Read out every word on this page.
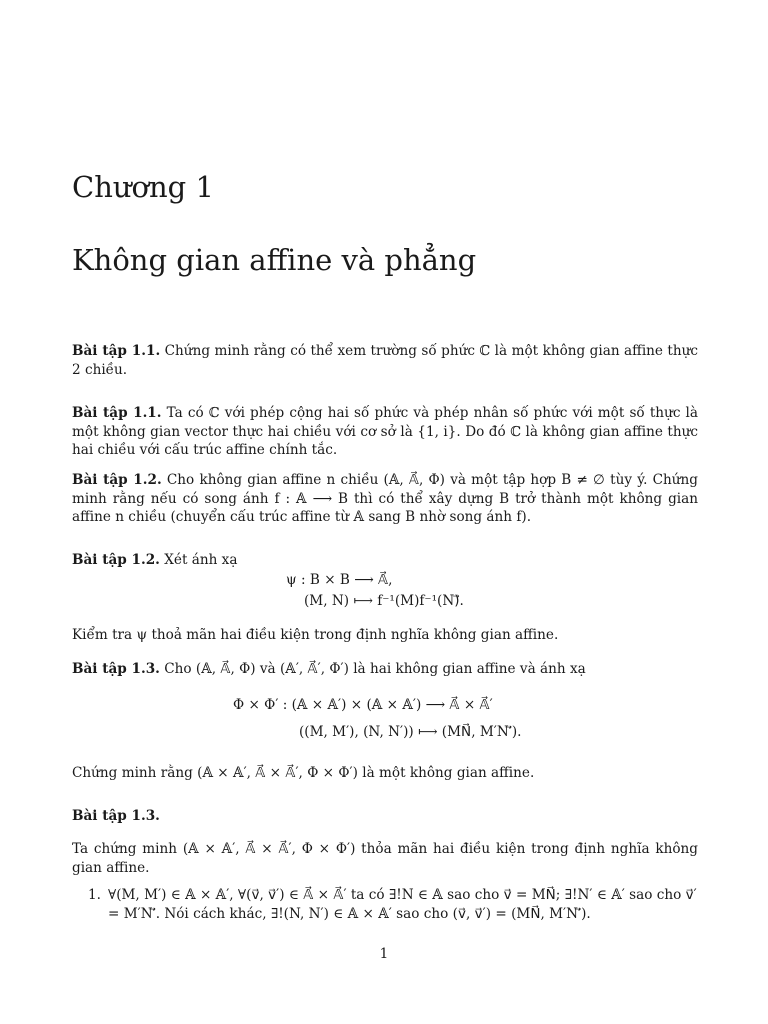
Chương 1
Không gian affine và phẳng
Bài tập 1.1. Chứng minh rằng có thể xem trường số phức ℂ là một không gian affine thực 2 chiều.
Bài tập 1.1. Ta có ℂ với phép cộng hai số phức và phép nhân số phức với một số thực là một không gian vector thực hai chiều với cơ sở là {1, i}. Do đó ℂ là không gian affine thực hai chiều với cấu trúc affine chính tắc.
Bài tập 1.2. Cho không gian affine n chiều (𝔸, 𝔸⃗, Φ) và một tập hợp B ≠ ∅ tùy ý. Chứng minh rằng nếu có song ánh f : 𝔸 ⟶ B thì có thể xây dựng B trở thành một không gian affine n chiều (chuyển cấu trúc affine từ 𝔸 sang B nhờ song ánh f).
Bài tập 1.2. Xét ánh xạ
ψ : B × B ⟶ 𝔸⃗,
(M, N) ⟼ f⁻¹(M)f⁻¹(N)⃗.
Kiểm tra ψ thoả mãn hai điều kiện trong định nghĩa không gian affine.
Bài tập 1.3. Cho (𝔸, 𝔸⃗, Φ) và (𝔸′, 𝔸⃗′, Φ′) là hai không gian affine và ánh xạ
Φ × Φ′ : (𝔸 × 𝔸′) × (𝔸 × 𝔸′) ⟶ 𝔸⃗ × 𝔸⃗′
((M, M′), (N, N′)) ⟼ (MN⃗, M′N′⃗).
Chứng minh rằng (𝔸 × 𝔸′, 𝔸⃗ × 𝔸⃗′, Φ × Φ′) là một không gian affine.
Bài tập 1.3.
Ta chứng minh (𝔸 × 𝔸′, 𝔸⃗ × 𝔸⃗′, Φ × Φ′) thỏa mãn hai điều kiện trong định nghĩa không gian affine.
1. ∀(M, M′) ∈ 𝔸 × 𝔸′, ∀(v⃗, v⃗′) ∈ 𝔸⃗ × 𝔸⃗′ ta có ∃!N ∈ 𝔸 sao cho v⃗ = MN⃗; ∃!N′ ∈ 𝔸′ sao cho v⃗′ = M′N′⃗. Nói cách khác, ∃!(N, N′) ∈ 𝔸 × 𝔸′ sao cho (v⃗, v⃗′) = (MN⃗, M′N′⃗).
1
